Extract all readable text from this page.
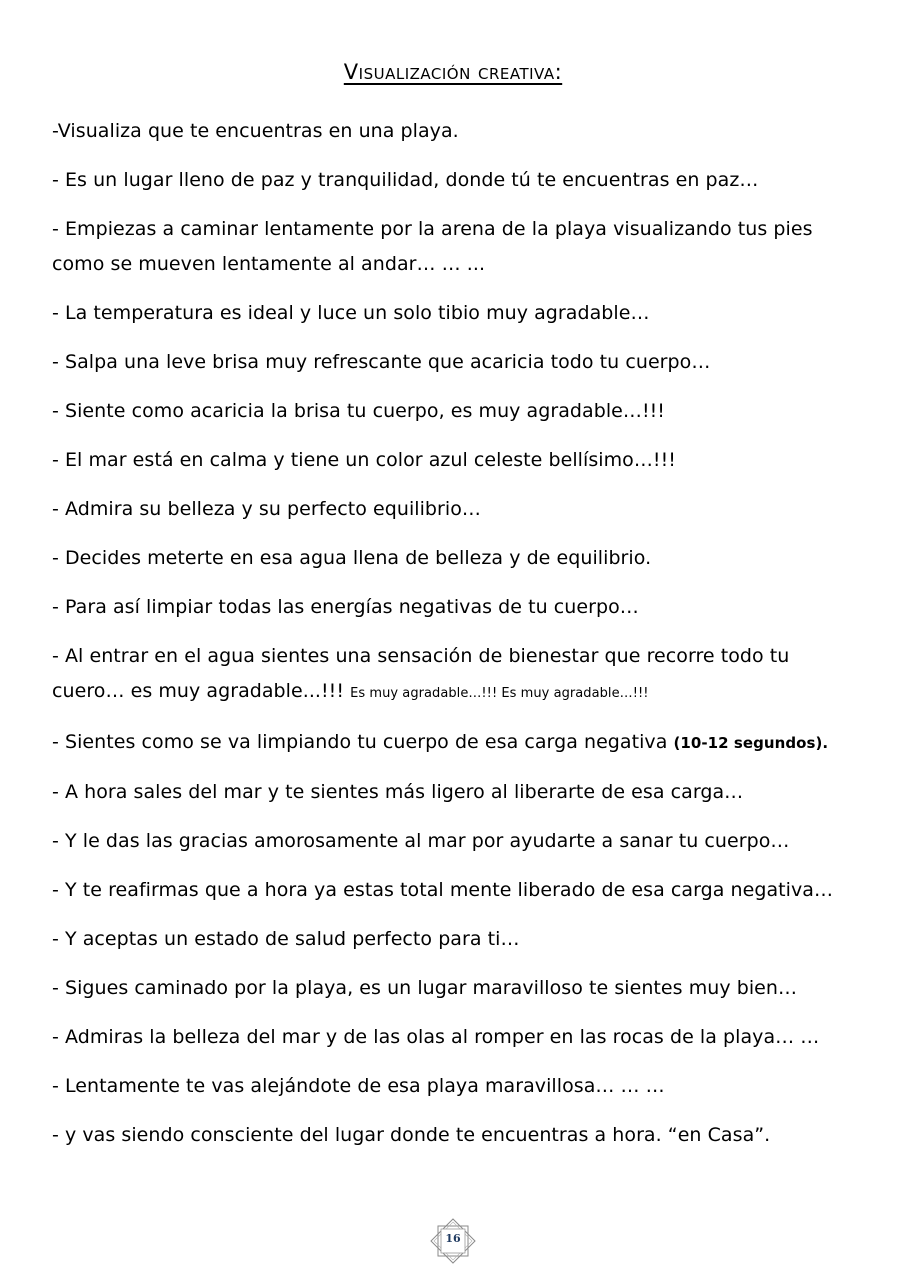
Visualización creativa:

-Visualiza que te encuentras en una playa.

- Es un lugar lleno de paz y tranquilidad, donde tú te encuentras en paz…

- Empiezas a caminar lentamente por la arena de la playa visualizando tus pies como se mueven lentamente al andar… … ...

- La temperatura es ideal y luce un solo tibio muy agradable…

- Salpa una leve brisa muy refrescante que acaricia todo tu cuerpo…

- Siente como acaricia la brisa tu cuerpo, es muy agradable…!!!

- El mar está en calma y tiene un color azul celeste bellísimo…!!!

- Admira su belleza y su perfecto equilibrio…

- Decides meterte en esa agua llena de belleza y de equilibrio.

- Para así limpiar todas las energías negativas de tu cuerpo…

- Al entrar en el agua sientes una sensación de bienestar que recorre todo tu cuero… es muy agradable...!!! Es muy agradable…!!! Es muy agradable…!!!

- Sientes como se va limpiando tu cuerpo de esa carga negativa (10-12 segundos).

- A hora sales del mar y te sientes más ligero al liberarte de esa carga…

- Y le das las gracias amorosamente al mar por ayudarte a sanar tu cuerpo…

- Y te reafirmas que a hora ya estas total mente liberado de esa carga negativa…

- Y aceptas un estado de salud perfecto para ti…

- Sigues caminado por la playa, es un lugar maravilloso te sientes muy bien…

- Admiras la belleza del mar y de las olas al romper en las rocas de la playa… …

- Lentamente te vas alejándote de esa playa maravillosa… … …

- y vas siendo consciente del lugar donde te encuentras a hora. “en Casa”.

16
